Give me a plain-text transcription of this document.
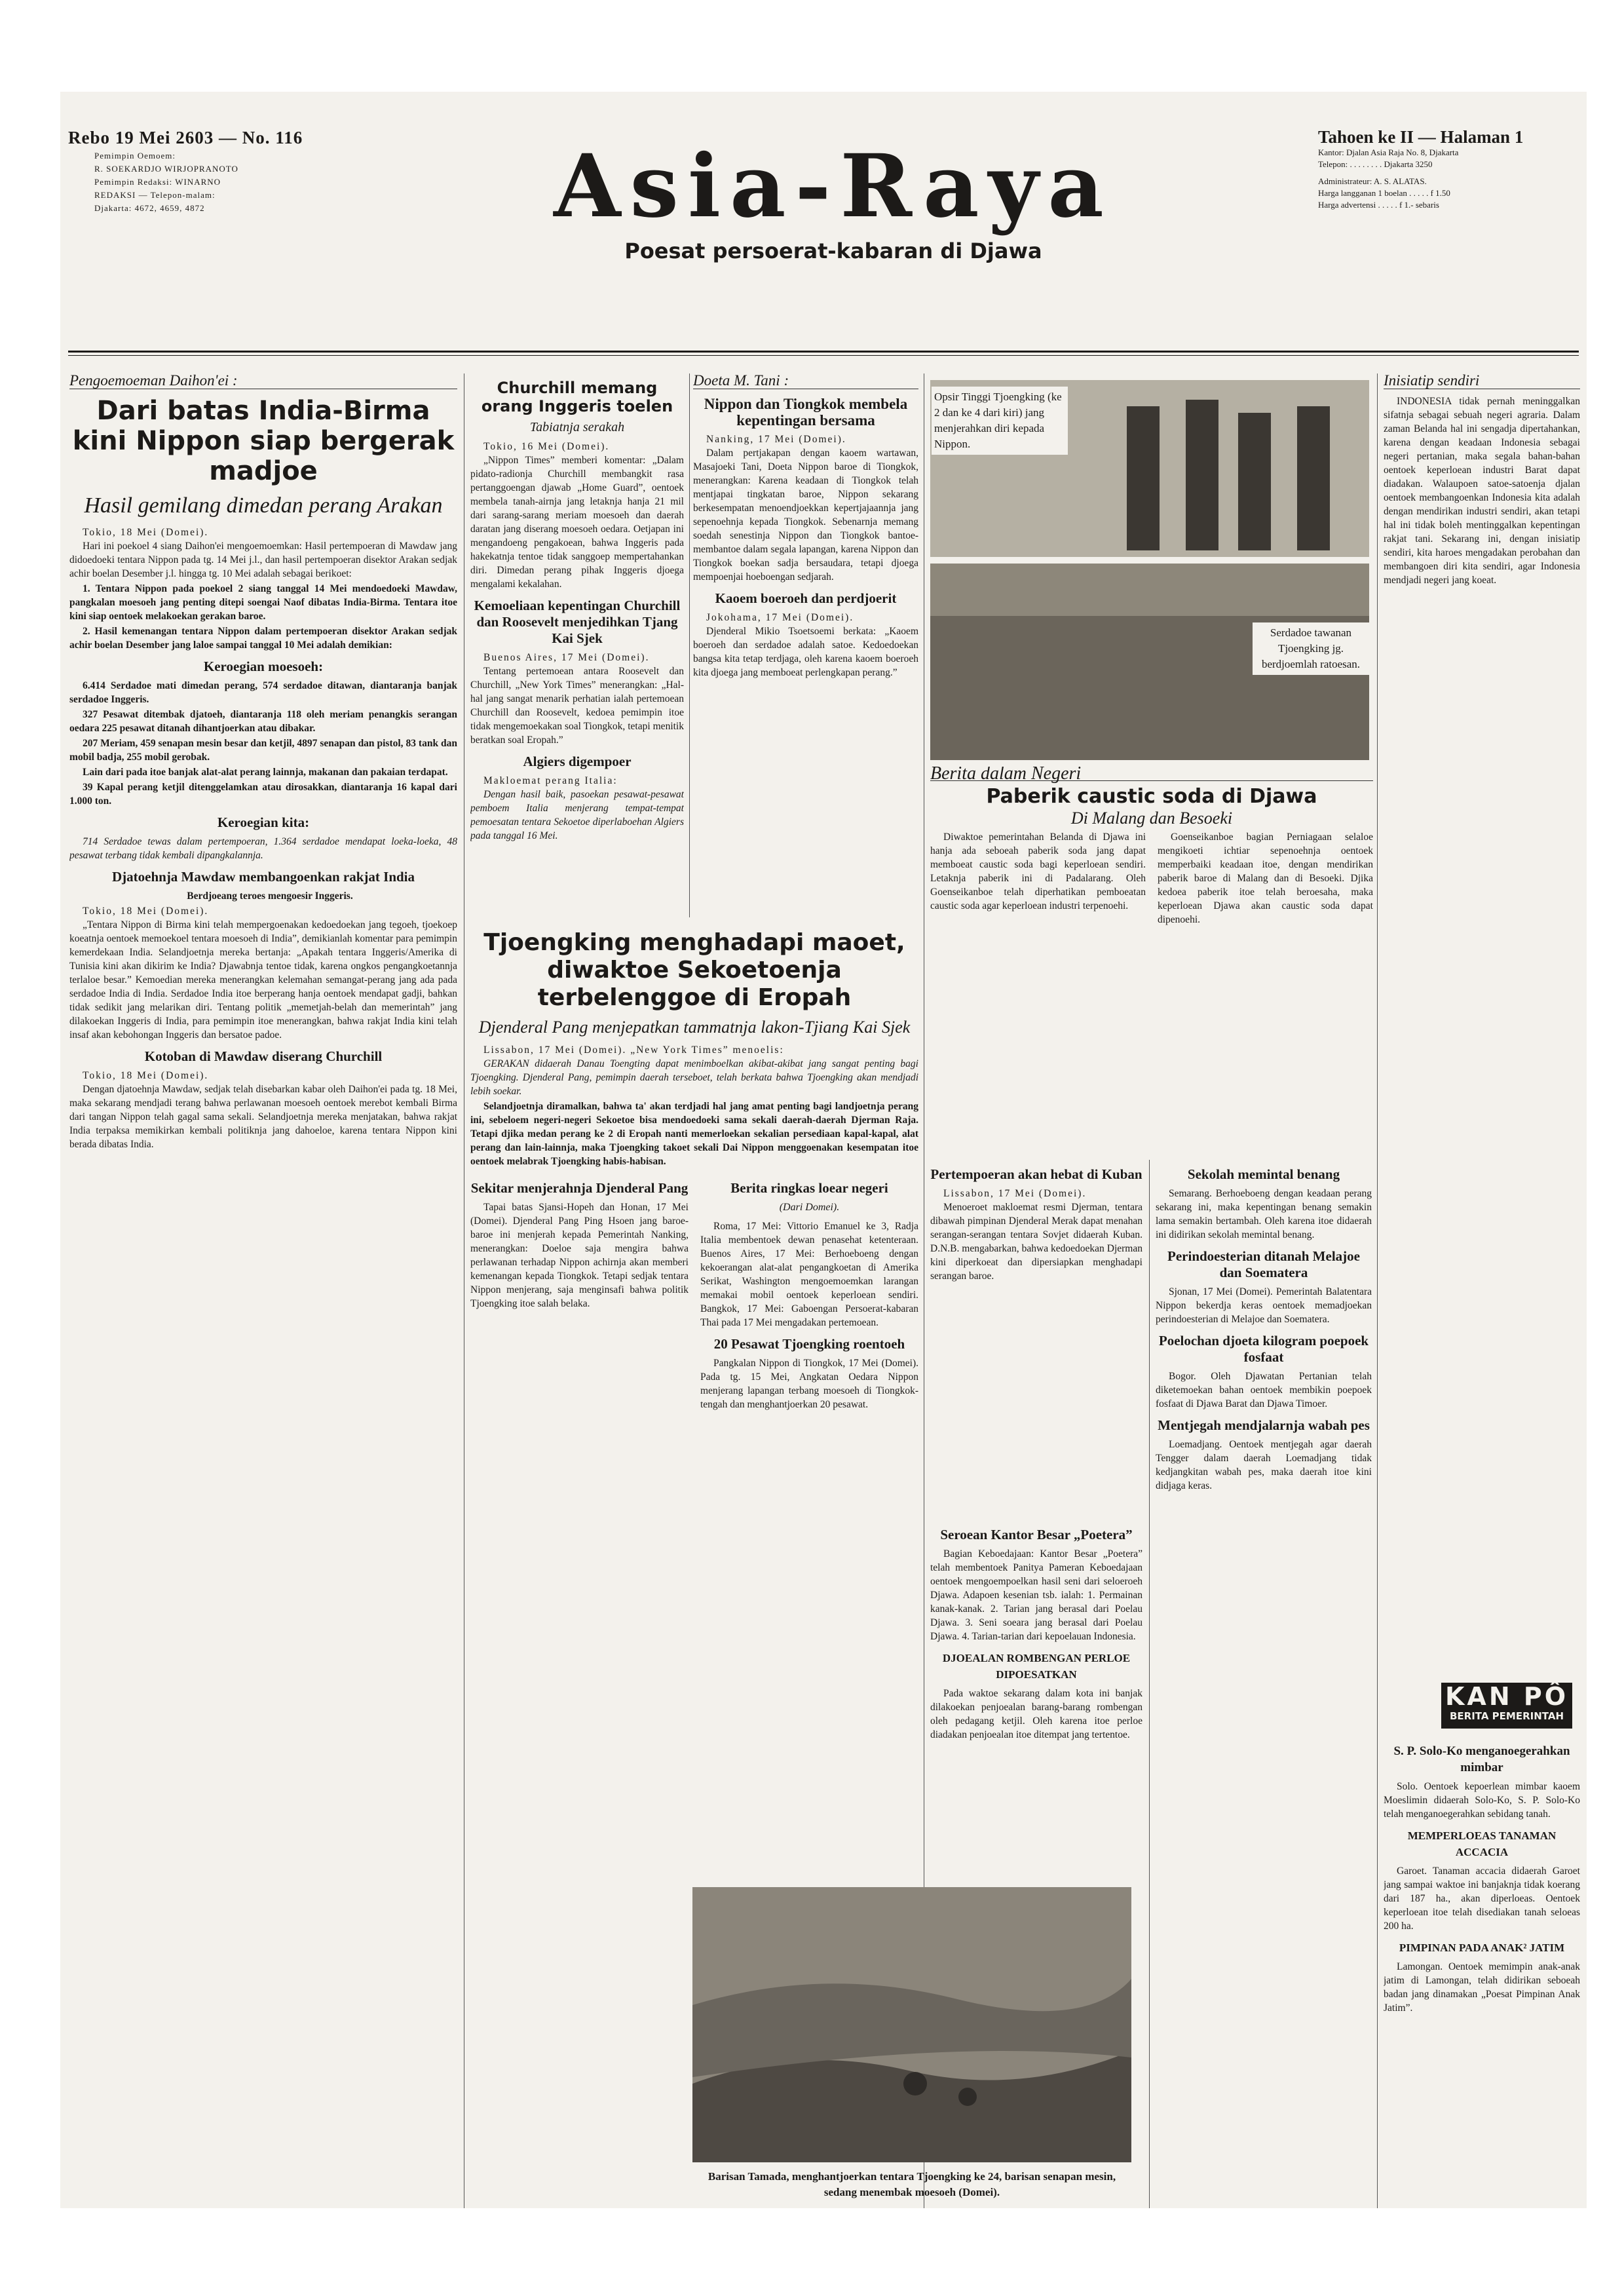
Rebo 19 Mei 2603 — No. 116
Pemimpin Oemoem:
R. SOEKARDJO WIRJOPRANOTO
Pemimpin Redaksi: WINARNO
REDAKSI — Telepon-malam:
Djakarta: 4672, 4659, 4872	Asia-Raya
Poesat persoerat-kabaran di Djawa
Tahoen ke II — Halaman 1
Kantor: Djalan Asia Raja No. 8, Djakarta
Telepon: . . . . . . . . Djakarta 3250
Administrateur: A. S. ALATAS.
Harga langganan 1 boelan . . . . . f 1.50
Harga advertensi . . . . . f 1.- sebaris
Pengoemoeman Daihon'ei :
Dari batas India-Birma kini Nippon siap bergerak madjoe
Hasil gemilang dimedan perang Arakan
Tokio, 18 Mei (Domei).
Hari ini poekoel 4 siang Daihon'ei mengoemoemkan: Hasil pertempoeran di Mawdaw jang didoedoeki tentara Nippon pada tg. 14 Mei j.l., dan hasil pertempoeran disektor Arakan sedjak achir boelan Desember j.l. hingga tg. 10 Mei adalah sebagai berikoet:
1. Tentara Nippon pada poekoel 2 siang tanggal 14 Mei mendoedoeki Mawdaw, pangkalan moesoeh jang penting ditepi soengai Naof dibatas India-Birma. Tentara itoe kini siap oentoek melakoekan gerakan baroe.
2. Hasil kemenangan tentara Nippon dalam pertempoeran disektor Arakan sedjak achir boelan Desember jang laloe sampai tanggal 10 Mei adalah demikian:
Keroegian moesoeh:
6.414 Serdadoe mati dimedan perang, 574 serdadoe ditawan, diantaranja banjak serdadoe Inggeris.
327 Pesawat ditembak djatoeh, diantaranja 118 oleh meriam penangkis serangan oedara 225 pesawat ditanah dihantjoerkan atau dibakar.
207 Meriam, 459 senapan mesin besar dan ketjil, 4897 senapan dan pistol, 83 tank dan mobil badja, 255 mobil gerobak.
Lain dari pada itoe banjak alat-alat perang lainnja, makanan dan pakaian terdapat.
39 Kapal perang ketjil ditenggelamkan atau dirosakkan, diantaranja 16 kapal dari 1.000 ton.
Keroegian kita:
714 Serdadoe tewas dalam pertempoeran, 1.364 serdadoe mendapat loeka-loeka, 48 pesawat terbang tidak kembali dipangkalannja.
Djatoehnja Mawdaw membangoenkan rakjat India
Berdjoeang teroes mengoesir Inggeris.
Tokio, 18 Mei (Domei).
„Tentara Nippon di Birma kini telah mempergoenakan kedoedoekan jang tegoeh, tjoekoep koeatnja oentoek memoekoel tentara moesoeh di India”, demikianlah komentar para pemimpin kemerdekaan India. Selandjoetnja mereka bertanja: „Apakah tentara Inggeris/Amerika di Tunisia kini akan dikirim ke India? Djawabnja tentoe tidak, karena ongkos pengangkoetannja terlaloe besar.” Kemoedian mereka menerangkan kelemahan semangat-perang jang ada pada serdadoe India di India. Serdadoe India itoe berperang hanja oentoek mendapat gadji, bahkan tidak sedikit jang melarikan diri. Tentang politik „memetjah-belah dan memerintah” jang dilakoekan Inggeris di India, para pemimpin itoe menerangkan, bahwa rakjat India kini telah insaf akan kebohongan Inggeris dan bersatoe padoe.
Kotoban di Mawdaw diserang Churchill
Tokio, 18 Mei (Domei).
Dengan djatoehnja Mawdaw, sedjak telah disebarkan kabar oleh Daihon'ei pada tg. 18 Mei, maka sekarang mendjadi terang bahwa perlawanan moesoeh oentoek merebot kembali Birma dari tangan Nippon telah gagal sama sekali. Selandjoetnja mereka menjatakan, bahwa rakjat India terpaksa memikirkan kembali politiknja jang dahoeloe, karena tentara Nippon kini berada dibatas India.
Churchill memang orang Inggeris toelen
Tabiatnja serakah
Tokio, 16 Mei (Domei).
„Nippon Times” memberi komentar: „Dalam pidato-radionja Churchill membangkit rasa pertanggoengan djawab „Home Guard”, oentoek membela tanah-airnja jang letaknja hanja 21 mil dari sarang-sarang meriam moesoeh dan daerah daratan jang diserang moesoeh oedara. Oetjapan ini mengandoeng pengakoean, bahwa Inggeris pada hakekatnja tentoe tidak sanggoep mempertahankan diri. Dimedan perang pihak Inggeris djoega mengalami kekalahan.
Kemoeliaan kepentingan Churchill dan Roosevelt menjedihkan Tjang Kai Sjek
Buenos Aires, 17 Mei (Domei).
Tentang pertemoean antara Roosevelt dan Churchill, „New York Times” menerangkan: „Hal-hal jang sangat menarik perhatian ialah pertemoean Churchill dan Roosevelt, kedoea pemimpin itoe tidak mengemoekakan soal Tiongkok, tetapi menitik beratkan soal Eropah.”
Algiers digempoer
Makloemat perang Italia:
Dengan hasil baik, pasoekan pesawat-pesawat pemboem Italia menjerang tempat-tempat pemoesatan tentara Sekoetoe diperlaboehan Algiers pada tanggal 16 Mei.
Tjoengking menghadapi maoet, diwaktoe Sekoetoenja terbelenggoe di Eropah
Djenderal Pang menjepatkan tammatnja lakon-Tjiang Kai Sjek
Lissabon, 17 Mei (Domei). „New York Times” menoelis:
GERAKAN didaerah Danau Toengting dapat menimboelkan akibat-akibat jang sangat penting bagi Tjoengking. Djenderal Pang, pemimpin daerah terseboet, telah berkata bahwa Tjoengking akan mendjadi lebih soekar.
Selandjoetnja diramalkan, bahwa ta' akan terdjadi hal jang amat penting bagi landjoetnja perang ini, sebeloem negeri-negeri Sekoetoe bisa mendoedoeki sama sekali daerah-daerah Djerman Raja. Tetapi djika medan perang ke 2 di Eropah nanti memerloekan sekalian persediaan kapal-kapal, alat perang dan lain-lainnja, maka Tjoengking takoet sekali Dai Nippon menggoenakan kesempatan itoe oentoek melabrak Tjoengking habis-habisan.
Sekitar menjerahnja Djenderal Pang
Tapai batas Sjansi-Hopeh dan Honan, 17 Mei (Domei). Djenderal Pang Ping Hsoen jang baroe-baroe ini menjerah kepada Pemerintah Nanking, menerangkan: Doeloe saja mengira bahwa perlawanan terhadap Nippon achirnja akan memberi kemenangan kepada Tiongkok. Tetapi sedjak tentara Nippon menjerang, saja menginsafi bahwa politik Tjoengking itoe salah belaka.
Berita ringkas loear negeri
(Dari Domei).
Roma, 17 Mei: Vittorio Emanuel ke 3, Radja Italia membentoek dewan penasehat ketenteraan. Buenos Aires, 17 Mei: Berhoeboeng dengan kekoerangan alat-alat pengangkoetan di Amerika Serikat, Washington mengoemoemkan larangan memakai mobil oentoek keperloean sendiri. Bangkok, 17 Mei: Gaboengan Persoerat-kabaran Thai pada 17 Mei mengadakan pertemoean.
20 Pesawat Tjoengking roentoeh
Pangkalan Nippon di Tiongkok, 17 Mei (Domei). Pada tg. 15 Mei, Angkatan Oedara Nippon menjerang lapangan terbang moesoeh di Tiongkok-tengah dan menghantjoerkan 20 pesawat.
Barisan Tamada, menghantjoerkan tentara Tjoengking ke 24, barisan senapan mesin, sedang menembak moesoeh (Domei).
Doeta M. Tani :
Nippon dan Tiongkok membela kepentingan bersama
Nanking, 17 Mei (Domei).
Dalam pertjakapan dengan kaoem wartawan, Masajoeki Tani, Doeta Nippon baroe di Tiongkok, menerangkan: Karena keadaan di Tiongkok telah mentjapai tingkatan baroe, Nippon sekarang berkesempatan menoendjoekkan kepertjajaannja jang sepenoehnja kepada Tiongkok. Sebenarnja memang soedah senestinja Nippon dan Tiongkok bantoe-membantoe dalam segala lapangan, karena Nippon dan Tiongkok boekan sadja bersaudara, tetapi djoega mempoenjai hoeboengan sedjarah.
Kaoem boeroeh dan perdjoerit
Jokohama, 17 Mei (Domei).
Djenderal Mikio Tsoetsoemi berkata: „Kaoem boeroeh dan serdadoe adalah satoe. Kedoedoekan bangsa kita tetap terdjaga, oleh karena kaoem boeroeh kita djoega jang memboeat perlengkapan perang.”
Pertempoeran akan hebat di Kuban
Lissabon, 17 Mei (Domei).
Menoeroet makloemat resmi Djerman, tentara dibawah pimpinan Djenderal Merak dapat menahan serangan-serangan tentara Sovjet didaerah Kuban. D.N.B. mengabarkan, bahwa kedoedoekan Djerman kini diperkoeat dan dipersiapkan menghadapi serangan baroe.
Opsir Tinggi Tjoengking (ke 2 dan ke 4 dari kiri) jang menjerahkan diri kepada Nippon.
Serdadoe tawanan Tjoengking jg. berdjoemlah ratoesan.
Berita dalam Negeri
Paberik caustic soda di Djawa
Di Malang dan Besoeki
Diwaktoe pemerintahan Belanda di Djawa ini hanja ada seboeah paberik soda jang dapat memboeat caustic soda bagi keperloean sendiri. Letaknja paberik ini di Padalarang. Oleh Goenseikanboe telah diperhatikan pemboeatan caustic soda agar keperloean industri terpenoehi.
Goenseikanboe bagian Perniagaan selaloe mengikoeti ichtiar sepenoehnja oentoek memperbaiki keadaan itoe, dengan mendirikan paberik baroe di Malang dan di Besoeki. Djika kedoea paberik itoe telah beroesaha, maka keperloean Djawa akan caustic soda dapat dipenoehi.
Seroean Kantor Besar „Poetera”
Bagian Keboedajaan: Kantor Besar „Poetera” telah membentoek Panitya Pameran Keboedajaan oentoek mengoempoelkan hasil seni dari seloeroeh Djawa. Adapoen kesenian tsb. ialah: 1. Permainan kanak-kanak. 2. Tarian jang berasal dari Poelau Djawa. 3. Seni soeara jang berasal dari Poelau Djawa. 4. Tarian-tarian dari kepoelauan Indonesia.
DJOEALAN ROMBENGAN PERLOE DIPOESATKAN
Pada waktoe sekarang dalam kota ini banjak dilakoekan penjoealan barang-barang rombengan oleh pedagang ketjil. Oleh karena itoe perloe diadakan penjoealan itoe ditempat jang tertentoe.
Sekolah memintal benang
Semarang. Berhoeboeng dengan keadaan perang sekarang ini, maka kepentingan benang semakin lama semakin bertambah. Oleh karena itoe didaerah ini didirikan sekolah memintal benang.
Perindoesterian ditanah Melajoe dan Soematera
Sjonan, 17 Mei (Domei). Pemerintah Balatentara Nippon bekerdja keras oentoek memadjoekan perindoesterian di Melajoe dan Soematera.
Poelochan djoeta kilogram poepoek fosfaat
Bogor. Oleh Djawatan Pertanian telah diketemoekan bahan oentoek membikin poepoek fosfaat di Djawa Barat dan Djawa Timoer.
Mentjegah mendjalarnja wabah pes
Loemadjang. Oentoek mentjegah agar daerah Tengger dalam daerah Loemadjang tidak kedjangkitan wabah pes, maka daerah itoe kini didjaga keras.
Inisiatip sendiri
INDONESIA tidak pernah meninggalkan sifatnja sebagai sebuah negeri agraria. Dalam zaman Belanda hal ini sengadja dipertahankan, karena dengan keadaan Indonesia sebagai negeri pertanian, maka segala bahan-bahan oentoek keperloean industri Barat dapat diadakan. Walaupoen satoe-satoenja djalan oentoek membangoenkan Indonesia kita adalah dengan mendirikan industri sendiri, akan tetapi hal ini tidak boleh mentinggalkan kepentingan rakjat tani. Sekarang ini, dengan inisiatip sendiri, kita haroes mengadakan perobahan dan membangoen diri kita sendiri, agar Indonesia mendjadi negeri jang koeat.
KAN PÔ
BERITA PEMERINTAH
S. P. Solo-Ko menganoegerahkan mimbar
Solo. Oentoek kepoerlean mimbar kaoem Moeslimin didaerah Solo-Ko, S. P. Solo-Ko telah menganoegerahkan sebidang tanah.
MEMPERLOEAS TANAMAN ACCACIA
Garoet. Tanaman accacia didaerah Garoet jang sampai waktoe ini banjaknja tidak koerang dari 187 ha., akan diperloeas. Oentoek keperloean itoe telah disediakan tanah seloeas 200 ha.
PIMPINAN PADA ANAK² JATIM
Lamongan. Oentoek memimpin anak-anak jatim di Lamongan, telah didirikan seboeah badan jang dinamakan „Poesat Pimpinan Anak Jatim”.
